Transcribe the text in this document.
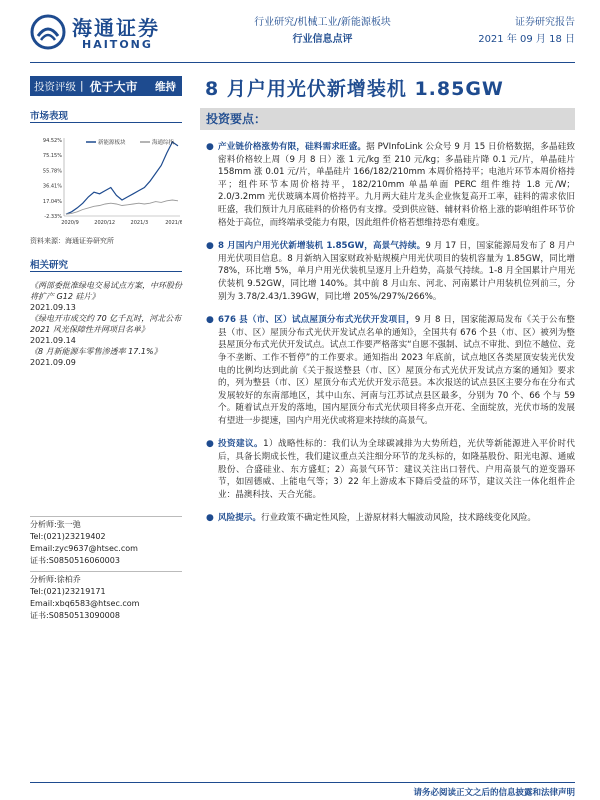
海通证券
HAITONG
行业研究/机械工业/新能源板块
行业信息点评
证券研究报告
2021 年 09 月 18 日
投资评级 | 优于大市 维持 8 月户用光伏新增装机 1.85GW
市场表现
94.52%
75.15%
55.78%
36.41%
17.04%
-2.33%
2020/9	2020/12	2021/3	2021/6
新能源板块	海通综指
资料来源：海通证券研究所
相关研究
《两部委批准绿电交易试点方案，中环股份将扩产 G12 硅片》
2021.09.13
《绿电开市成交约 70 亿千瓦时，河北公布 2021 风光保障性并网项目名单》
2021.09.14
《8 月新能源车零售渗透率 17.1%》
2021.09.09
分析师:张一弛
Tel:(021)23219402
Email:zyc9637@htsec.com
证书:S0850516060003
分析师:徐柏乔
Tel:(021)23219171
Email:xbq6583@htsec.com
证书:S0850513090008
投资要点：
● 产业链价格涨势有限，硅料需求旺盛。据 PVInfoLink 公众号 9 月 15 日价格数据，多晶硅致密料价格较上周（9 月 8 日）涨 1 元/kg 至 210 元/kg；多晶硅片降 0.1 元/片，单晶硅片 158mm 涨 0.01 元/片，单晶硅片 166/182/210mm 本周价格持平；电池片环节本周价格持平；组件环节本周价格持平，182/210mm 单晶单面 PERC 组件维持 1.8 元/W；2.0/3.2mm 光伏玻璃本周价格持平。九月两大硅片龙头企业恢复高开工率，硅料的需求依旧旺盛，我们预计九月底硅料的价格仍有支撑。受到供应链、辅材料价格上涨的影响组件环节价格处于高位，而终端承受能力有限，因此组件价格若想维持恐有难度。
● 8 月国内户用光伏新增装机 1.85GW，高景气持续。9 月 17 日，国家能源局发布了 8 月户用光伏项目信息。8 月新纳入国家财政补贴规模户用光伏项目的装机容量为 1.85GW，同比增 78%，环比增 5%，单月户用光伏装机呈逐月上升趋势，高景气持续。1-8 月全国累计户用光伏装机 9.52GW，同比增 140%。其中前 8 月山东、河北、河南累计户用装机位列前三，分别为 3.78/2.43/1.39GW，同比增 205%/297%/266%。
● 676 县（市、区）试点屋顶分布式光伏开发项目，9 月 8 日，国家能源局发布《关于公布整县（市、区）屋顶分布式光伏开发试点名单的通知》，全国共有 676 个县（市、区）被列为整县屋顶分布式光伏开发试点。试点工作要严格落实“自愿不强制、试点不审批、到位不越位、竞争不垄断、工作不暂停”的工作要求。通知指出 2023 年底前，试点地区各类屋顶安装光伏发电的比例均达到此前《关于报送整县（市、区）屋顶分布式光伏开发试点方案的通知》要求的，列为整县（市、区）屋顶分布式光伏开发示范县。本次报送的试点县区主要分布在分布式发展较好的东南部地区，其中山东、河南与江苏试点县区最多，分别为 70 个、66 个与 59 个。随着试点开发的落地，国内屋顶分布式光伏项目将多点开花、全面绽放，光伏市场的发展有望进一步提速，国内户用光伏或将迎来持续的高景气。
● 投资建议。1）战略性标的：我们认为全球碳减排为大势所趋，光伏等新能源进入平价时代后，具备长期成长性，我们建议重点关注细分环节的龙头标的，如隆基股份、阳光电源、通威股份、合盛硅业、东方盛虹；2）高景气环节：建议关注出口替代、户用高景气的逆变器环节，如固德威、上能电气等；3）22 年上游成本下降后受益的环节，建议关注一体化组件企业：晶澳科技、天合光能。
● 风险提示。行业政策不确定性风险，上游原材料大幅波动风险，技术路线变化风险。
请务必阅读正文之后的信息披露和法律声明
